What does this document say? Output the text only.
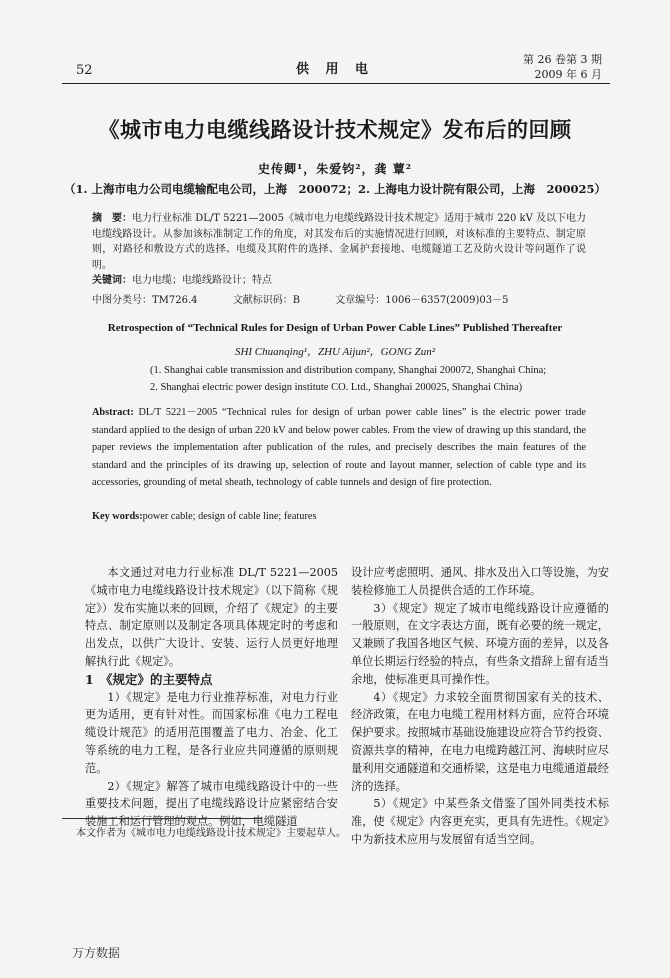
52	供 用 电
第 26 卷第 3 期
2009 年 6 月
《城市电力电缆线路设计技术规定》发布后的回顾
史传卿¹，朱爱钧²，龚 蕈²
（1. 上海市电力公司电缆输配电公司，上海　200072；2. 上海电力设计院有限公司，上海　200025）
摘　要：电力行业标准 DL/T 5221—2005《城市电力电缆线路设计技术规定》适用于城市 220 kV 及以下电力电缆线路设计。从参加该标准制定工作的角度，对其发布后的实施情况进行回顾，对该标准的主要特点、制定原则，对路径和敷设方式的选择、电缆及其附件的选择、金属护套接地、电缆隧道工艺及防火设计等问题作了说明。
关键词：电力电缆；电缆线路设计；特点
中图分类号：TM726.4	文献标识码：B	文章编号：1006－6357(2009)03－5
Retrospection of “Technical Rules for Design of Urban Power Cable Lines” Published Thereafter
SHI Chuanqing¹，ZHU Aijun²，GONG Zun²
(1. Shanghai cable transmission and distribution company, Shanghai 200072, Shanghai China;
2. Shanghai electric power design institute CO. Ltd., Shanghai 200025, Shanghai China)
Abstract: DL/T 5221－2005 “Technical rules for design of urban power cable lines” is the electric power trade standard applied to the design of urban 220 kV and below power cables. From the view of drawing up this standard, the paper reviews the implementation after publication of the rules, and precisely describes the main features of the standard and the principles of its drawing up, selection of route and layout manner, selection of cable type and its accessories, grounding of metal sheath, technology of cable tunnels and design of fire protection.
Key words:power cable; design of cable line; features

本文通过对电力行业标准 DL/T 5221—2005《城市电力电缆线路设计技术规定》（以下简称《规定》）发布实施以来的回顾，介绍了《规定》的主要特点、制定原则以及制定各项具体规定时的考虑和出发点，以供广大设计、安装、运行人员更好地理解执行此《规定》。

1　《规定》的主要特点

1）《规定》是电力行业推荐标准，对电力行业更为适用，更有针对性。而国家标准《电力工程电缆设计规范》的适用范围覆盖了电力、冶金、化工等系统的电力工程，是各行业应共同遵循的原则规范。

2）《规定》解答了城市电缆线路设计中的一些重要技术问题，提出了电缆线路设计应紧密结合安装施工和运行管理的观点。例如，电缆隧道

设计应考虑照明、通风、排水及出入口等设施，为安装检修施工人员提供合适的工作环境。

3）《规定》规定了城市电缆线路设计应遵循的一般原则，在文字表达方面，既有必要的统一规定，又兼顾了我国各地区气候、环境方面的差异，以及各单位长期运行经验的特点，有些条文措辞上留有适当余地，使标准更具可操作性。

4）《规定》力求较全面贯彻国家有关的技术、经济政策，在电力电缆工程用材料方面，应符合环境保护要求。按照城市基础设施建设应符合节约投资、资源共享的精神，在电力电缆跨越江河、海峡时应尽量利用交通隧道和交通桥梁，这是电力电缆通道最经济的选择。

5）《规定》中某些条文借鉴了国外同类技术标准，使《规定》内容更充实，更具有先进性。《规定》中为新技术应用与发展留有适当空间。

本文作者为《城市电力电缆线路设计技术规定》主要起草人。
万方数据
